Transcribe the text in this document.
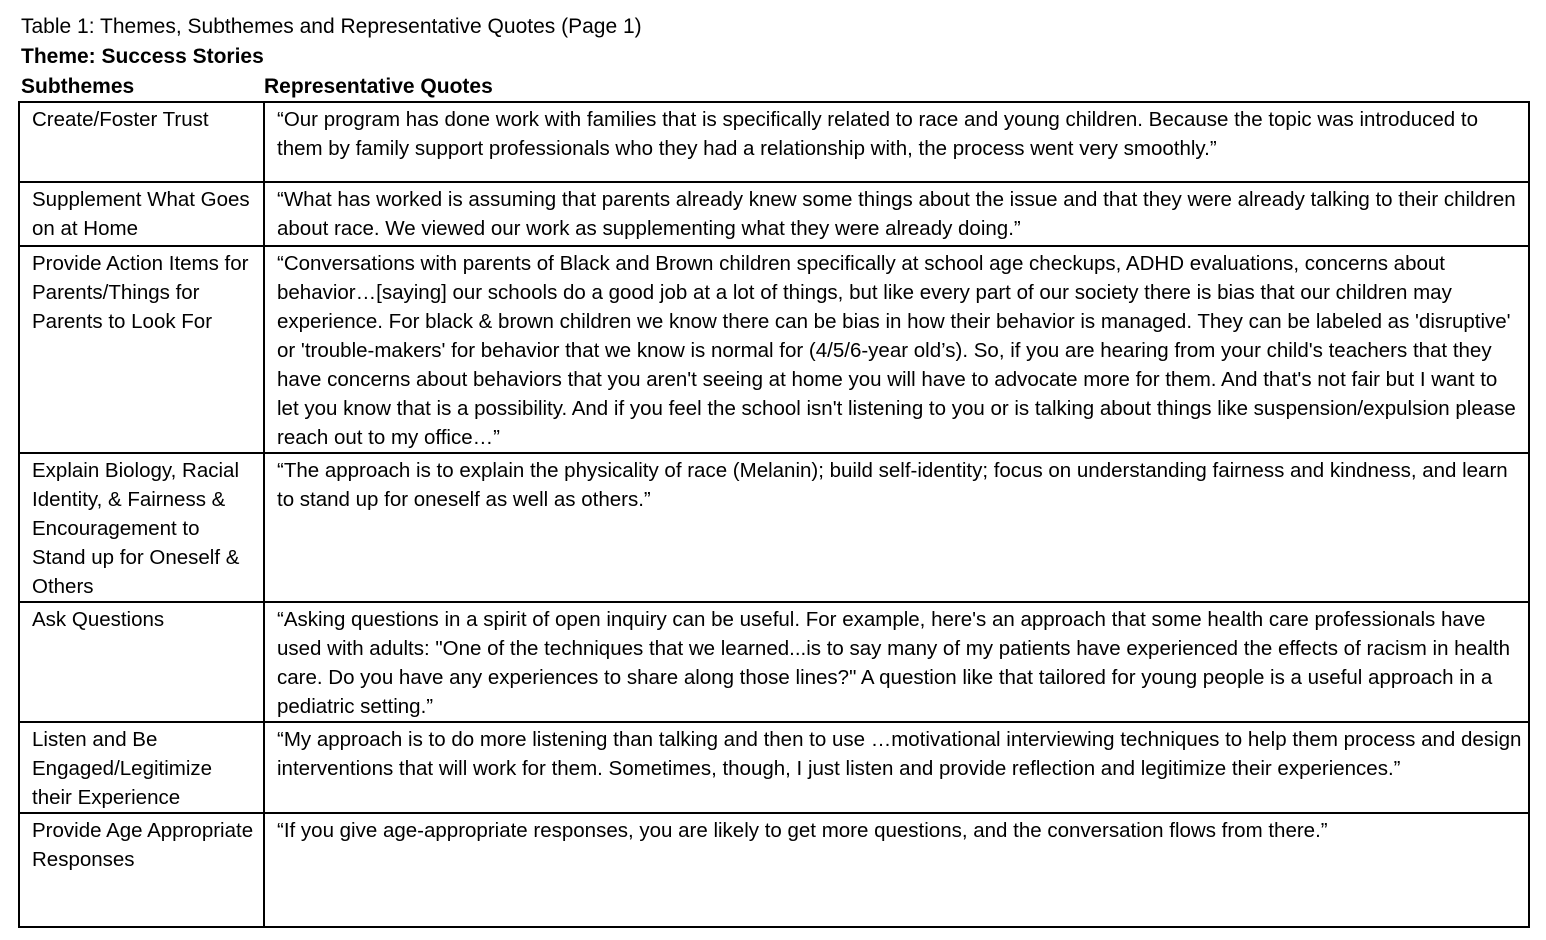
Table 1: Themes, Subthemes and Representative Quotes (Page 1)
Theme: Success Stories
Subthemes	Representative Quotes
Create/Foster Trust	“Our program has done work with families that is specifically related to race and young children. Because the topic was introduced to them by family support professionals who they had a relationship with, the process went very smoothly.”

Supplement What Goes on at Home	“What has worked is assuming that parents already knew some things about the issue and that they were already talking to their children about race. We viewed our work as supplementing what they were already doing.”

Provide Action Items for Parents/Things for Parents to Look For	“Conversations with parents of Black and Brown children specifically at school age checkups, ADHD evaluations, concerns about behavior…[saying] our schools do a good job at a lot of things, but like every part of our society there is bias that our children may experience. For black & brown children we know there can be bias in how their behavior is managed. They can be labeled as 'disruptive' or 'trouble-makers' for behavior that we know is normal for (4/5/6-year old’s). So, if you are hearing from your child's teachers that they have concerns about behaviors that you aren't seeing at home you will have to advocate more for them. And that's not fair but I want to let you know that is a possibility. And if you feel the school isn't listening to you or is talking about things like suspension/expulsion please reach out to my office…”

Explain Biology, Racial Identity, & Fairness & Encouragement to Stand up for Oneself & Others	“The approach is to explain the physicality of race (Melanin); build self-identity; focus on understanding fairness and kindness, and learn to stand up for oneself as well as others.”

Ask Questions	“Asking questions in a spirit of open inquiry can be useful. For example, here's an approach that some health care professionals have used with adults: "One of the techniques that we learned...is to say many of my patients have experienced the effects of racism in health care. Do you have any experiences to share along those lines?" A question like that tailored for young people is a useful approach in a pediatric setting.”

Listen and Be Engaged/Legitimize their Experience	“My approach is to do more listening than talking and then to use …motivational interviewing techniques to help them process and design interventions that will work for them. Sometimes, though, I just listen and provide reflection and legitimize their experiences.”

Provide Age Appropriate Responses	“If you give age-appropriate responses, you are likely to get more questions, and the conversation flows from there.”
